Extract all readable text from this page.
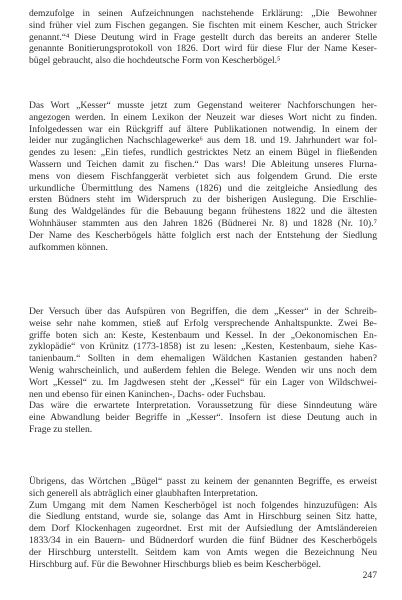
demzufolge in seinen Aufzeichnungen nachstehende Erklärung: „Die Bewohner
sind früher viel zum Fischen gegangen. Sie fischten mit einem Kescher, auch Stricker
genannt.“⁴ Diese Deutung wird in Frage gestellt durch das bereits an anderer Stelle
genannte Bonitierungsprotokoll von 1826. Dort wird für diese Flur der Name Keser-
bügel gebraucht, also die hochdeutsche Form von Kescherbögel.⁵
Das Wort „Kesser“ musste jetzt zum Gegenstand weiterer Nachforschungen her-
angezogen werden. In einem Lexikon der Neuzeit war dieses Wort nicht zu finden.
Infolgedessen war ein Rückgriff auf ältere Publikationen notwendig. In einem der
leider nur zugänglichen Nachschlagewerke⁶ aus dem 18. und 19. Jahrhundert war fol-
gendes zu lesen: „Ein tiefes, rundlich gestricktes Netz an einem Bügel in fließenden
Wassern und Teichen damit zu fischen.“ Das wars! Die Ableitung unseres Flurna-
mens von diesem Fischfanggerät verbietet sich aus folgendem Grund. Die erste
urkundliche Übermittlung des Namens (1826) und die zeitgleiche Ansiedlung des
ersten Büdners steht im Widerspruch zu der bisherigen Auslegung. Die Erschlie-
ßung des Waldgeländes für die Bebauung begann frühestens 1822 und die ältesten
Wohnhäuser stammten aus den Jahren 1826 (Büdnerei Nr. 8) und 1828 (Nr. 10).⁷
Der Name des Kescherbögels hätte folglich erst nach der Entstehung der Siedlung
aufkommen können.
Der Versuch über das Aufspüren von Begriffen, die dem „Kesser“ in der Schreib-
weise sehr nahe kommen, stieß auf Erfolg versprechende Anhaltspunkte. Zwei Be-
griffe boten sich an: Keste, Kestenbaum und Kessel. In der „Oekonomischen En-
zyklopädie“ von Krünitz (1773-1858) ist zu lesen: „Kesten, Kestenbaum, siehe Kas-
tanienbaum.“ Sollten in dem ehemaligen Wäldchen Kastanien gestanden haben?
Wenig wahrscheinlich, und außerdem fehlen die Belege. Wenden wir uns noch dem
Wort „Kessel“ zu. Im Jagdwesen steht der „Kessel“ für ein Lager von Wildschwei-
nen und ebenso für einen Kaninchen-, Dachs- oder Fuchsbau.
Das wäre die erwartete Interpretation. Voraussetzung für diese Sinndeutung wäre
eine Abwandlung beider Begriffe in „Kesser“. Insofern ist diese Deutung auch in
Frage zu stellen.
Übrigens, das Wörtchen „Bügel“ passt zu keinem der genannten Begriffe, es erweist
sich generell als abträglich einer glaubhaften Interpretation.
Zum Umgang mit dem Namen Kescherbögel ist noch folgendes hinzuzufügen: Als
die Siedlung entstand, wurde sie, solange das Amt in Hirschburg seinen Sitz hatte,
dem Dorf Klockenhagen zugeordnet. Erst mit der Aufsiedlung der Amtsländereien
1833/34 in ein Bauern- und Büdnerdorf wurden die fünf Büdner des Kescherbögels
der Hirschburg unterstellt. Seitdem kam von Amts wegen die Bezeichnung Neu
Hirschburg auf. Für die Bewohner Hirschburgs blieb es beim Kescherbögel.
247
